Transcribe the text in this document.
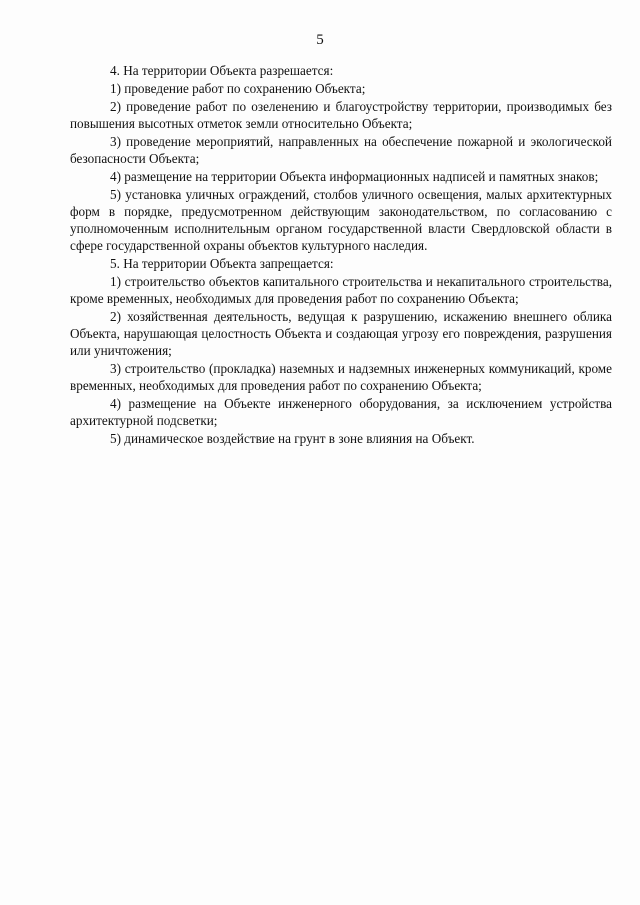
5

4. На территории Объекта разрешается:

1) проведение работ по сохранению Объекта;

2) проведение работ по озеленению и благоустройству территории, производимых без повышения высотных отметок земли относительно Объекта;

3) проведение мероприятий, направленных на обеспечение пожарной и экологической безопасности Объекта;

4) размещение на территории Объекта информационных надписей и памятных знаков;

5) установка уличных ограждений, столбов уличного освещения, малых архитектурных форм в порядке, предусмотренном действующим законодательством, по согласованию с уполномоченным исполнительным органом государственной власти Свердловской области в сфере государственной охраны объектов культурного наследия.

5. На территории Объекта запрещается:

1) строительство объектов капитального строительства и некапитального строительства, кроме временных, необходимых для проведения работ по сохранению Объекта;

2) хозяйственная деятельность, ведущая к разрушению, искажению внешнего облика Объекта, нарушающая целостность Объекта и создающая угрозу его повреждения, разрушения или уничтожения;

3) строительство (прокладка) наземных и надземных инженерных коммуникаций, кроме временных, необходимых для проведения работ по сохранению Объекта;

4) размещение на Объекте инженерного оборудования, за исключением устройства архитектурной подсветки;

5) динамическое воздействие на грунт в зоне влияния на Объект.
